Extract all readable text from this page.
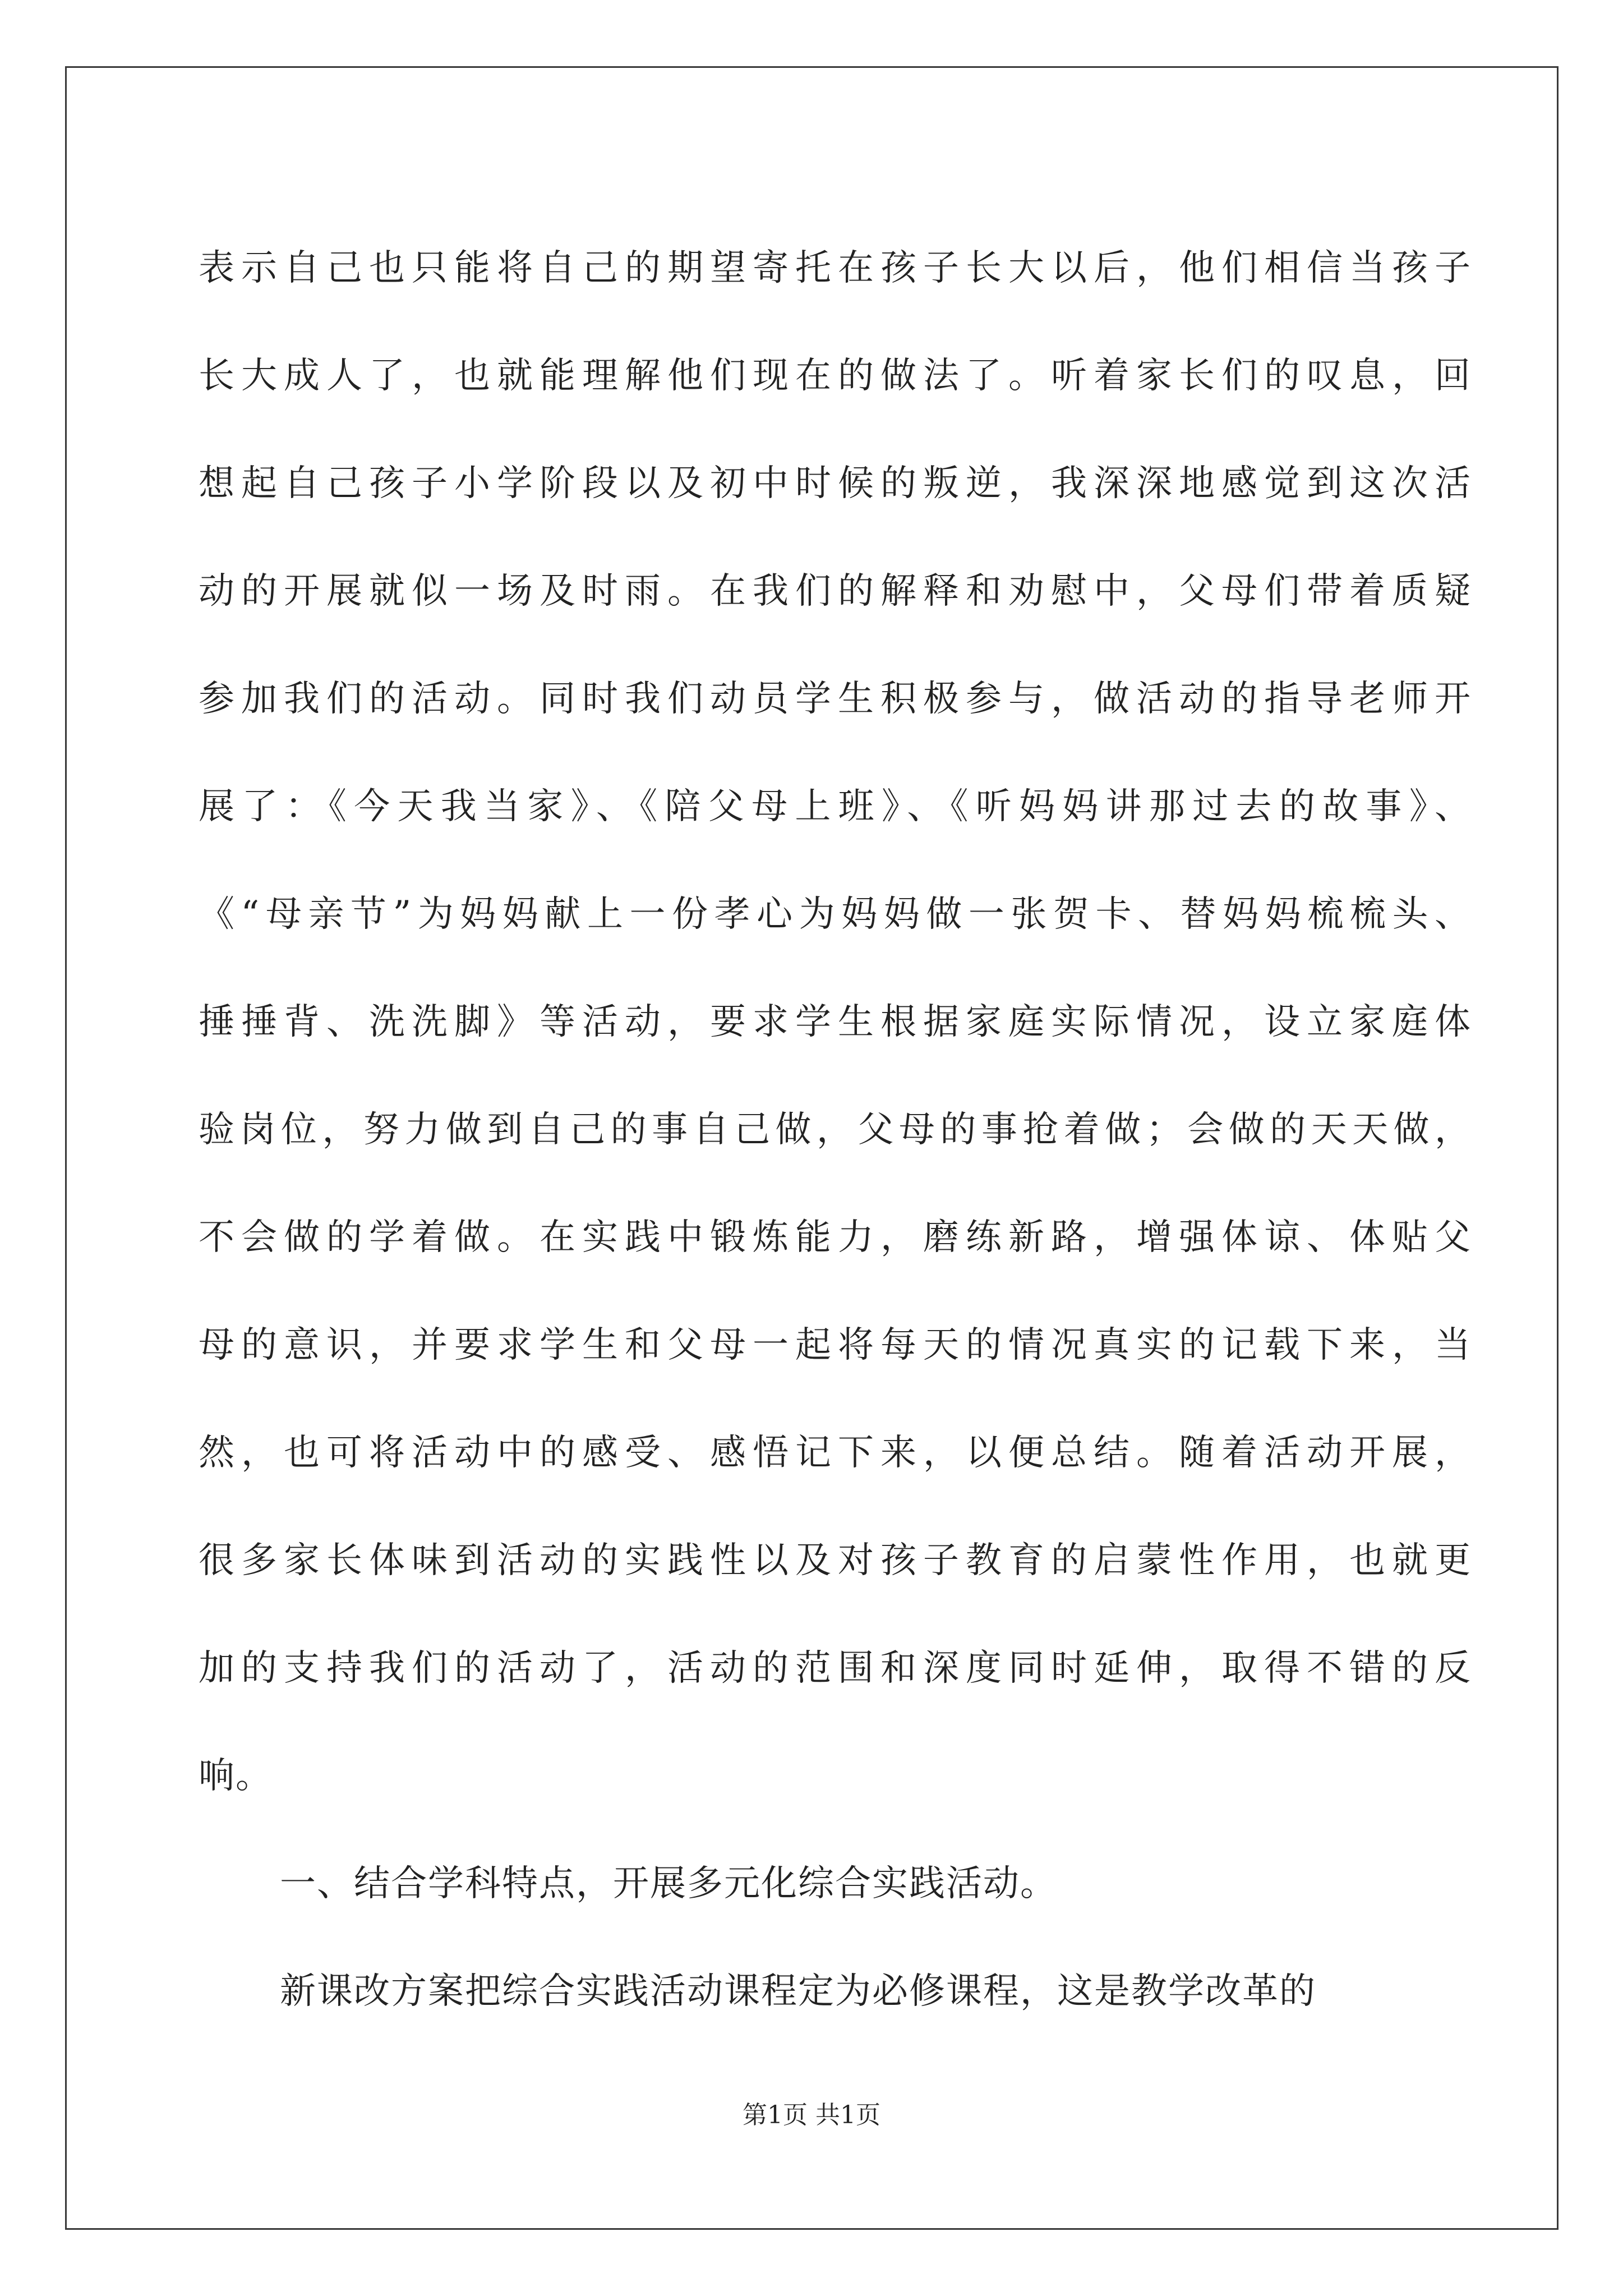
表示自己也只能将自己的期望寄托在孩子长大以后，他们相信当孩子
长大成人了，也就能理解他们现在的做法了。听着家长们的叹息，回
想起自己孩子小学阶段以及初中时候的叛逆，我深深地感觉到这次活
动的开展就似一场及时雨。在我们的解释和劝慰中，父母们带着质疑
参加我们的活动。同时我们动员学生积极参与，做活动的指导老师开
展了：《今天我当家》、《陪父母上班》、《听妈妈讲那过去的故事》、
《“母亲节”为妈妈献上一份孝心为妈妈做一张贺卡、替妈妈梳梳头、
捶捶背、洗洗脚》等活动，要求学生根据家庭实际情况，设立家庭体
验岗位，努力做到自己的事自己做，父母的事抢着做；会做的天天做，
不会做的学着做。在实践中锻炼能力，磨练新路，增强体谅、体贴父
母的意识，并要求学生和父母一起将每天的情况真实的记载下来，当
然，也可将活动中的感受、感悟记下来，以便总结。随着活动开展，
很多家长体味到活动的实践性以及对孩子教育的启蒙性作用，也就更
加的支持我们的活动了，活动的范围和深度同时延伸，取得不错的反
响。
一、结合学科特点，开展多元化综合实践活动。
新课改方案把综合实践活动课程定为必修课程，这是教学改革的
第1页 共1页
